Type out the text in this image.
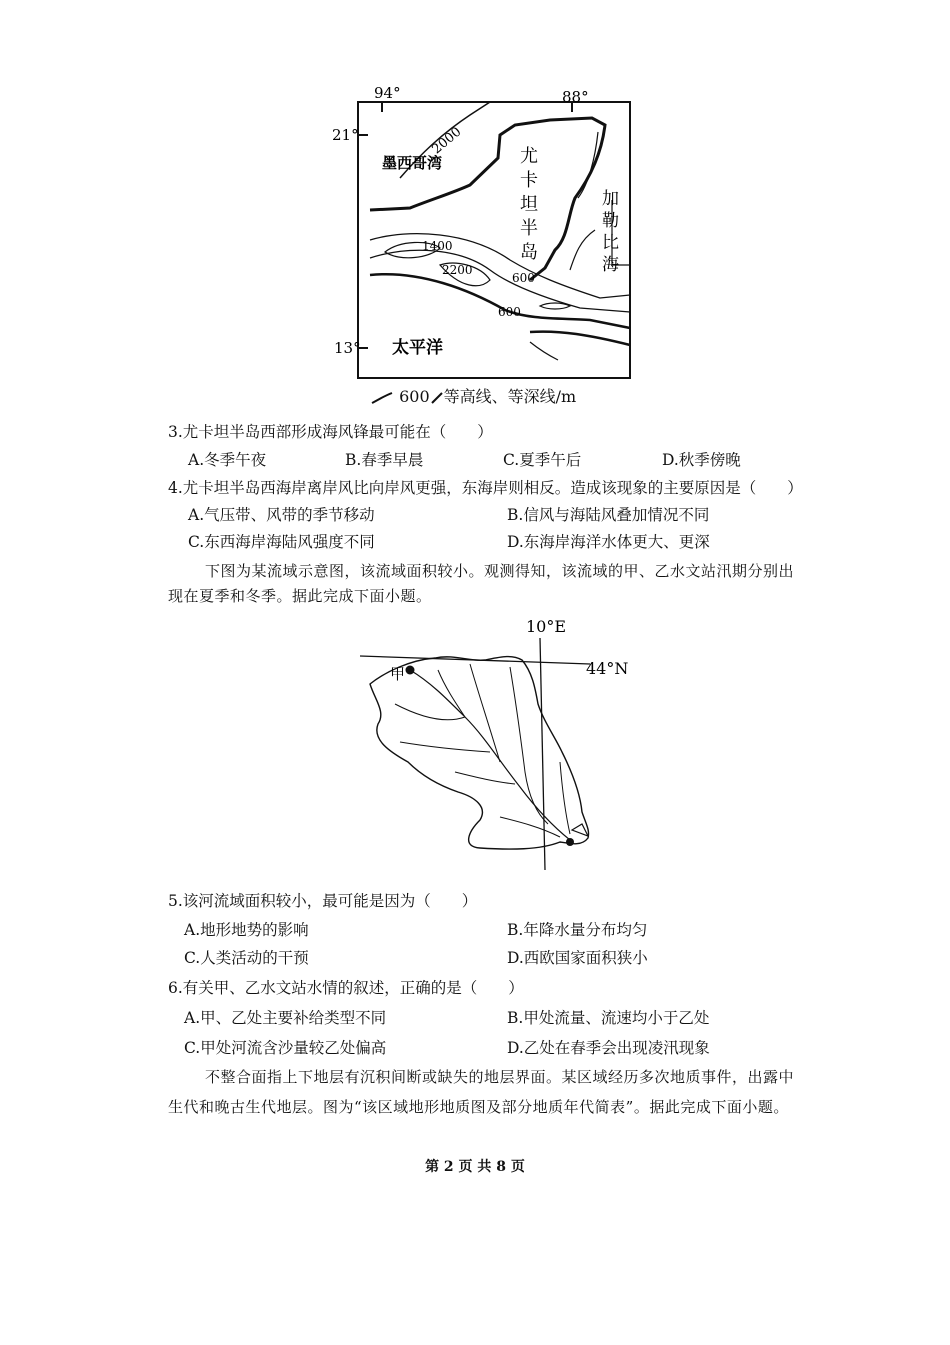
94°	88°
21°
13°
2000
1400
2200
600
600
墨西哥湾	尤
卡
坦
半
岛
加
勒
比
海
太平洋
600 等高线、等深线/m
3.尤卡坦半岛西部形成海风锋最可能在（　　）
A.冬季午夜	B.春季早晨	C.夏季午后	D.秋季傍晚
4.尤卡坦半岛西海岸离岸风比向岸风更强，东海岸则相反。造成该现象的主要原因是（　　）
A.气压带、风带的季节移动	B.信风与海陆风叠加情况不同
C.东西海岸海陆风强度不同	D.东海岸海洋水体更大、更深
下图为某流域示意图，该流域面积较小。观测得知，该流域的甲、乙水文站汛期分别出
现在夏季和冬季。据此完成下面小题。
10°E
44°N
甲
5.该河流域面积较小，最可能是因为（　　）
A.地形地势的影响	B.年降水量分布均匀
C.人类活动的干预	D.西欧国家面积狭小
6.有关甲、乙水文站水情的叙述，正确的是（　　）
A.甲、乙处主要补给类型不同	B.甲处流量、流速均小于乙处
C.甲处河流含沙量较乙处偏高	D.乙处在春季会出现凌汛现象
不整合面指上下地层有沉积间断或缺失的地层界面。某区域经历多次地质事件，出露中
生代和晚古生代地层。图为“该区域地形地质图及部分地质年代简表”。据此完成下面小题。
第 2 页 共 8 页
